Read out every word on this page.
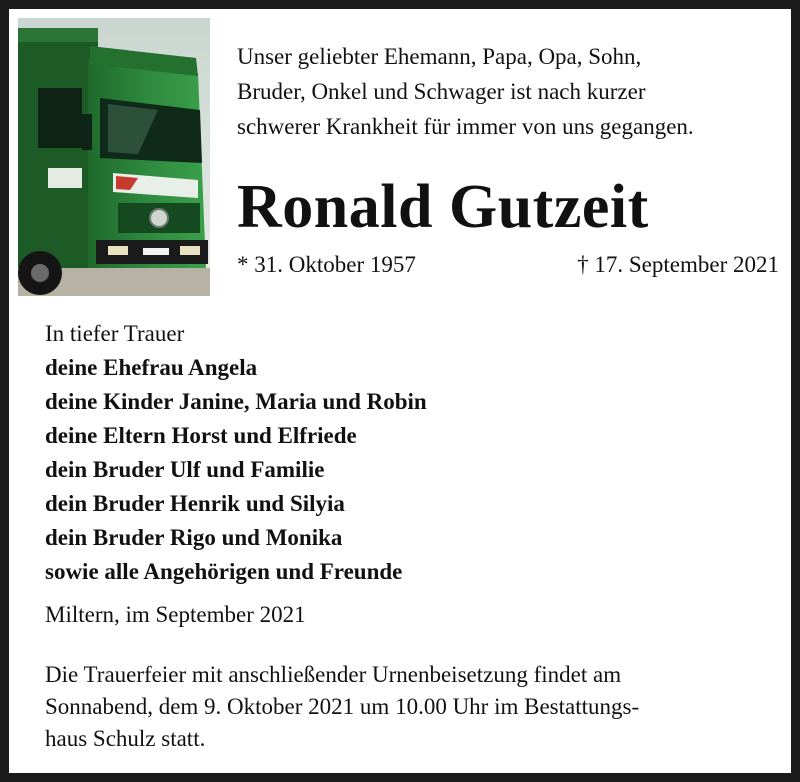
Unser geliebter Ehemann, Papa, Opa, Sohn,
Bruder, Onkel und Schwager ist nach kurzer
schwerer Krankheit für immer von uns gegangen.
Ronald Gutzeit
* 31. Oktober 1957	† 17. September 2021
In tiefer Trauer
deine Ehefrau Angela
deine Kinder Janine, Maria und Robin
deine Eltern Horst und Elfriede
dein Bruder Ulf und Familie
dein Bruder Henrik und Silyia
dein Bruder Rigo und Monika
sowie alle Angehörigen und Freunde
Miltern, im September 2021
Die Trauerfeier mit anschließender Urnenbeisetzung findet am
Sonnabend, dem 9. Oktober 2021 um 10.00 Uhr im Bestattungs-
haus Schulz statt.
